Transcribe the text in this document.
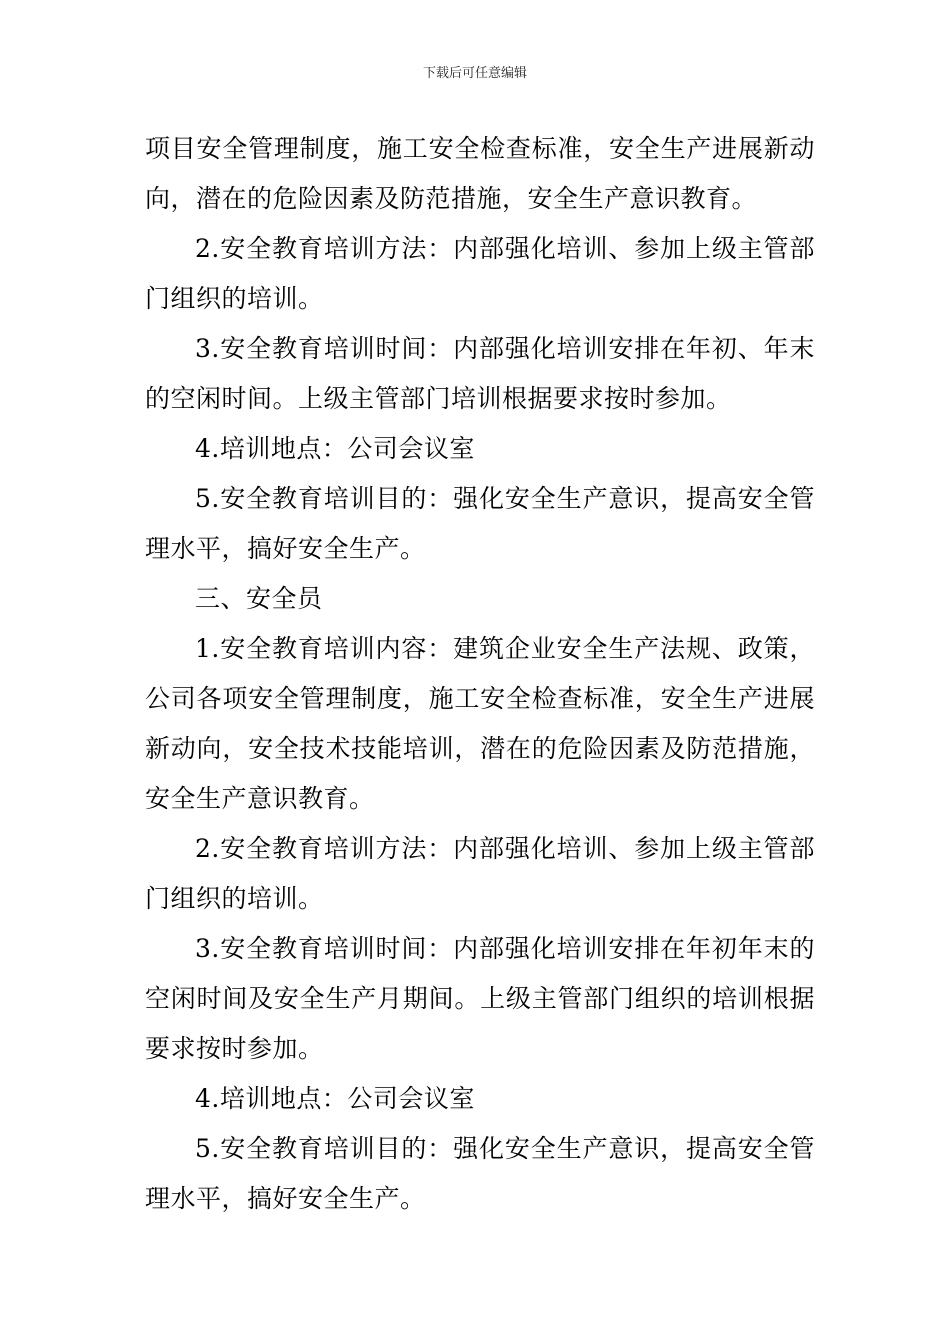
下载后可任意编辑

项目安全管理制度，施工安全检查标准，安全生产进展新动向，潜在的危险因素及防范措施，安全生产意识教育。

2.安全教育培训方法：内部强化培训、参加上级主管部门组织的培训。

3.安全教育培训时间：内部强化培训安排在年初、年末的空闲时间。上级主管部门培训根据要求按时参加。

4.培训地点：公司会议室

5.安全教育培训目的：强化安全生产意识，提高安全管理水平，搞好安全生产。

三、安全员

1.安全教育培训内容：建筑企业安全生产法规、政策，公司各项安全管理制度，施工安全检查标准，安全生产进展新动向，安全技术技能培训，潜在的危险因素及防范措施，安全生产意识教育。

2.安全教育培训方法：内部强化培训、参加上级主管部门组织的培训。

3.安全教育培训时间：内部强化培训安排在年初年末的空闲时间及安全生产月期间。上级主管部门组织的培训根据要求按时参加。

4.培训地点：公司会议室

5.安全教育培训目的：强化安全生产意识，提高安全管理水平，搞好安全生产。
